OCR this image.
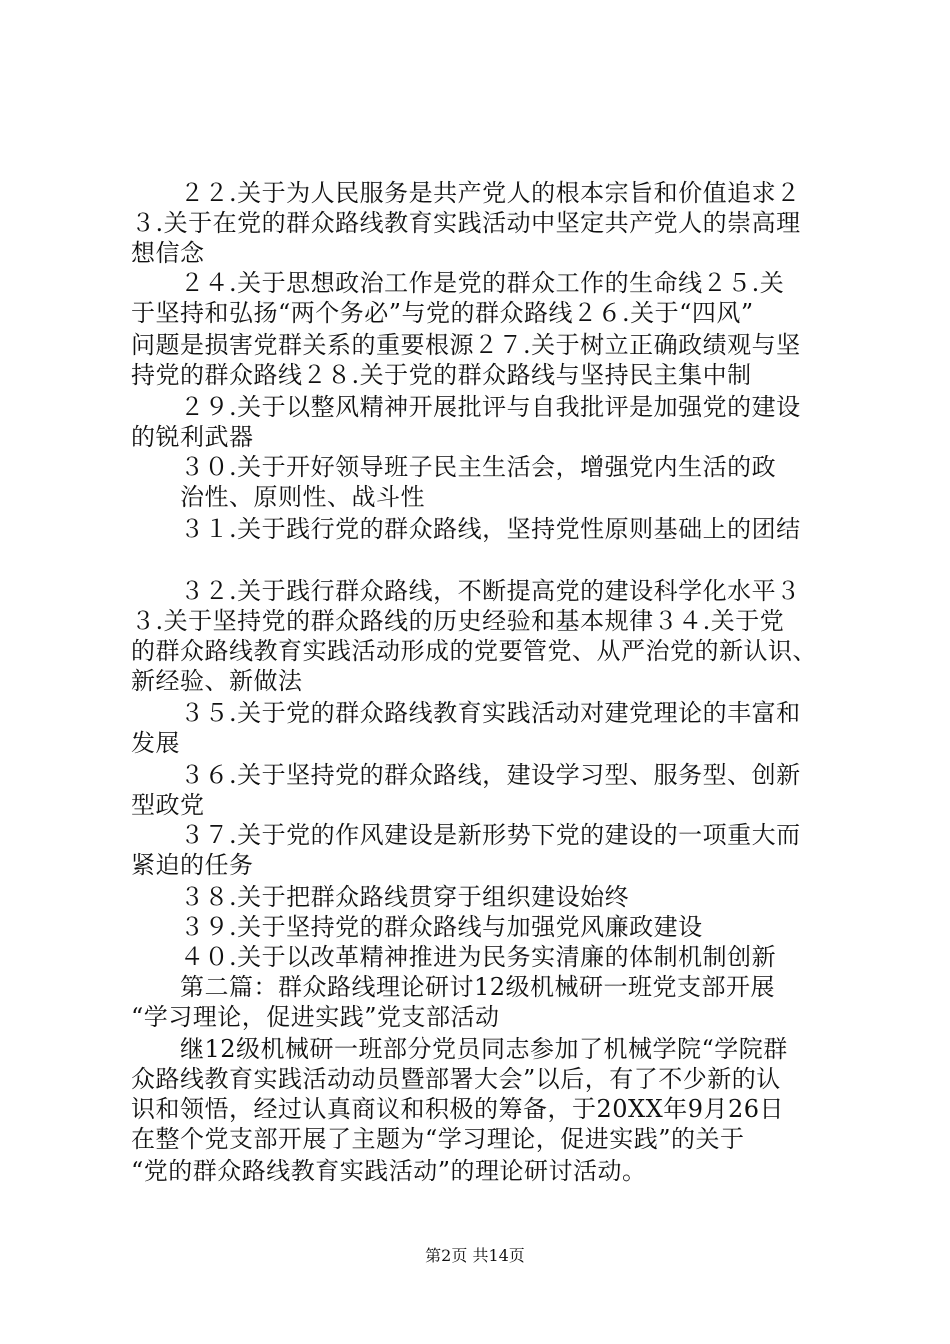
　　２２.关于为人民服务是共产党人的根本宗旨和价值追求２
３.关于在党的群众路线教育实践活动中坚定共产党人的崇高理
想信念
　　２４.关于思想政治工作是党的群众工作的生命线２５.关
于坚持和弘扬“两个务必”与党的群众路线２６.关于“四风”
问题是损害党群关系的重要根源２７.关于树立正确政绩观与坚
持党的群众路线２８.关于党的群众路线与坚持民主集中制
　　２９.关于以整风精神开展批评与自我批评是加强党的建设
的锐利武器
　　３０.关于开好领导班子民主生活会，增强党内生活的政
　　治性、原则性、战斗性
　　３１.关于践行党的群众路线，坚持党性原则基础上的团结
　　３２.关于践行群众路线，不断提高党的建设科学化水平３
３.关于坚持党的群众路线的历史经验和基本规律３４.关于党
的群众路线教育实践活动形成的党要管党、从严治党的新认识、
新经验、新做法
　　３５.关于党的群众路线教育实践活动对建党理论的丰富和
发展
　　３６.关于坚持党的群众路线，建设学习型、服务型、创新
型政党
　　３７.关于党的作风建设是新形势下党的建设的一项重大而
紧迫的任务
　　３８.关于把群众路线贯穿于组织建设始终
　　３９.关于坚持党的群众路线与加强党风廉政建设
　　４０.关于以改革精神推进为民务实清廉的体制机制创新
　　第二篇：群众路线理论研讨12级机械研一班党支部开展
“学习理论，促进实践”党支部活动
　　继12级机械研一班部分党员同志参加了机械学院“学院群
众路线教育实践活动动员暨部署大会”以后，有了不少新的认
识和领悟，经过认真商议和积极的筹备，于20XX年9月26日
在整个党支部开展了主题为“学习理论，促进实践”的关于
“党的群众路线教育实践活动”的理论研讨活动。
第2页 共14页
